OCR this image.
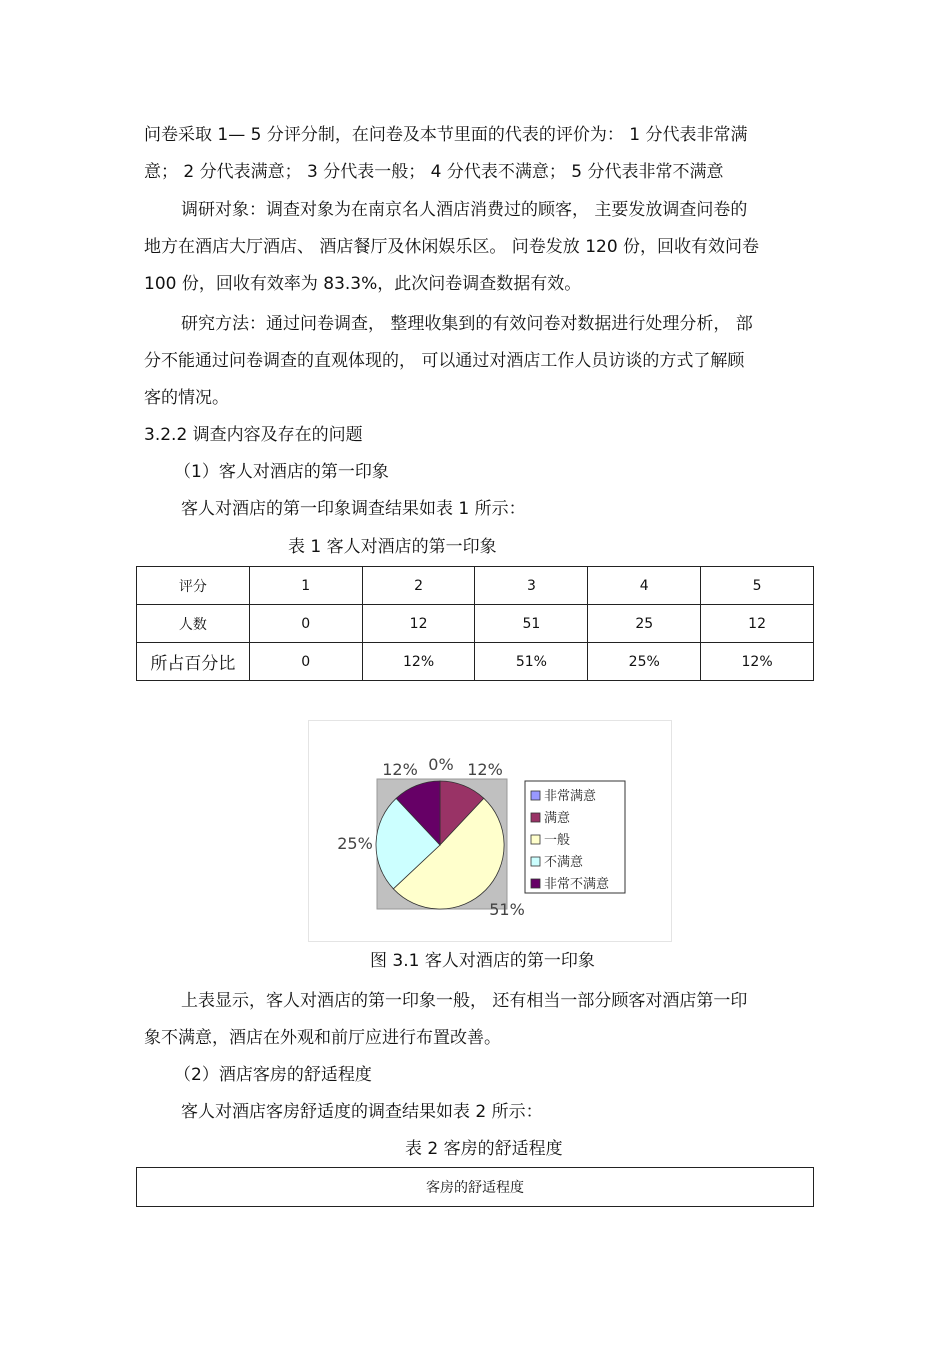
问卷采取 1— 5 分评分制，在问卷及本节里面的代表的评价为： 1 分代表非常满
意； 2 分代表满意； 3 分代表一般； 4 分代表不满意； 5 分代表非常不满意
调研对象：调查对象为在南京名人酒店消费过的顾客， 主要发放调查问卷的
地方在酒店大厅酒店、 酒店餐厅及休闲娱乐区。 问卷发放 120 份，回收有效问卷
100 份，回收有效率为 83.3%，此次问卷调查数据有效。
研究方法：通过问卷调查， 整理收集到的有效问卷对数据进行处理分析， 部
分不能通过问卷调查的直观体现的， 可以通过对酒店工作人员访谈的方式了解顾
客的情况。
3.2.2 调查内容及存在的问题
（1）客人对酒店的第一印象
客人对酒店的第一印象调查结果如表 1 所示：
表 1 客人对酒店的第一印象
评分	1	2	3	4	5
人数	0	12	51	25	12
所占百分比	0	12%	51%	25%	12%
0% 12%
51%
25%
12%
非常满意
满意
一般
不满意
非常不满意
图 3.1 客人对酒店的第一印象
上表显示，客人对酒店的第一印象一般， 还有相当一部分顾客对酒店第一印
象不满意，酒店在外观和前厅应进行布置改善。
（2）酒店客房的舒适程度
客人对酒店客房舒适度的调查结果如表 2 所示：
表 2 客房的舒适程度
客房的舒适程度
